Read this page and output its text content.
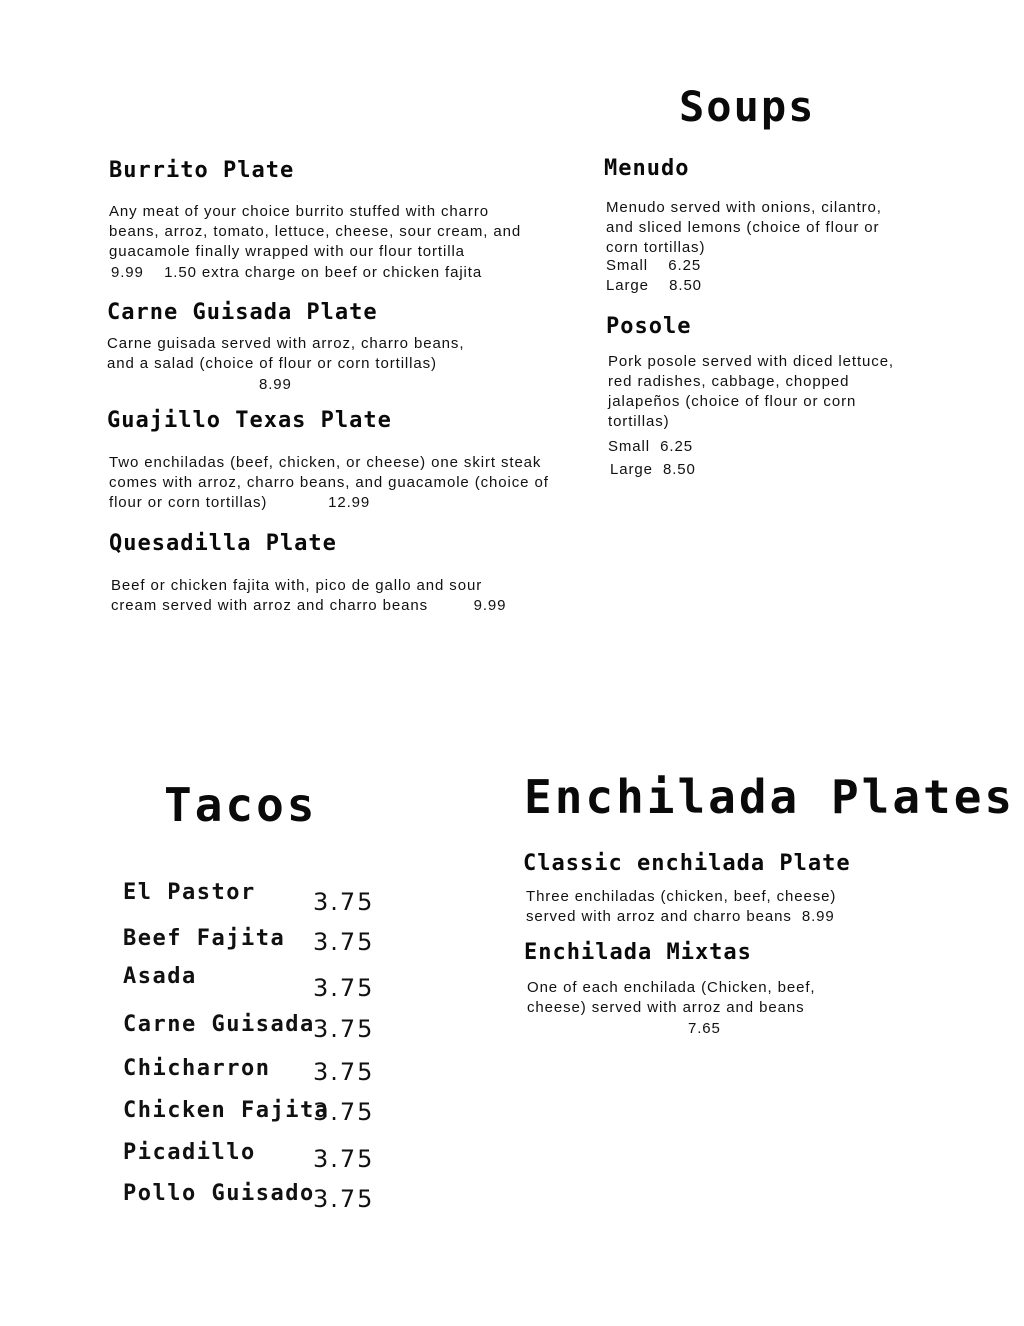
Soups
Menudo
Menudo served with onions, cilantro,
and sliced lemons (choice of flour or
corn tortillas)
Small    6.25
Large    8.50
Posole
Pork posole served with diced lettuce,
red radishes, cabbage, chopped
jalapeños (choice of flour or corn
tortillas)
Small  6.25
Large  8.50
Burrito Plate
Any meat of your choice burrito stuffed with charro
beans, arroz, tomato, lettuce, cheese, sour cream, and
guacamole finally wrapped with our flour tortilla
9.99    1.50 extra charge on beef or chicken fajita
Carne Guisada Plate
Carne guisada served with arroz, charro beans,
and a salad (choice of flour or corn tortillas)
8.99
Guajillo Texas Plate
Two enchiladas (beef, chicken, or cheese) one skirt steak
comes with arroz, charro beans, and guacamole (choice of
flour or corn tortillas)            12.99
Quesadilla Plate
Beef or chicken fajita with, pico de gallo and sour
cream served with arroz and charro beans         9.99
Tacos
El Pastor 3.75
Beef Fajita 3.75
Asada	3.75
Carne Guisada
3.75
Chicharron 3.75
Chicken Fajita
3.75
Picadillo 3.75
Pollo Guisado
3.75
Enchilada Plates
Classic enchilada Plate
Three enchiladas (chicken, beef, cheese)
served with arroz and charro beans  8.99
Enchilada Mixtas
One of each enchilada (Chicken, beef,
cheese) served with arroz and beans
7.65
